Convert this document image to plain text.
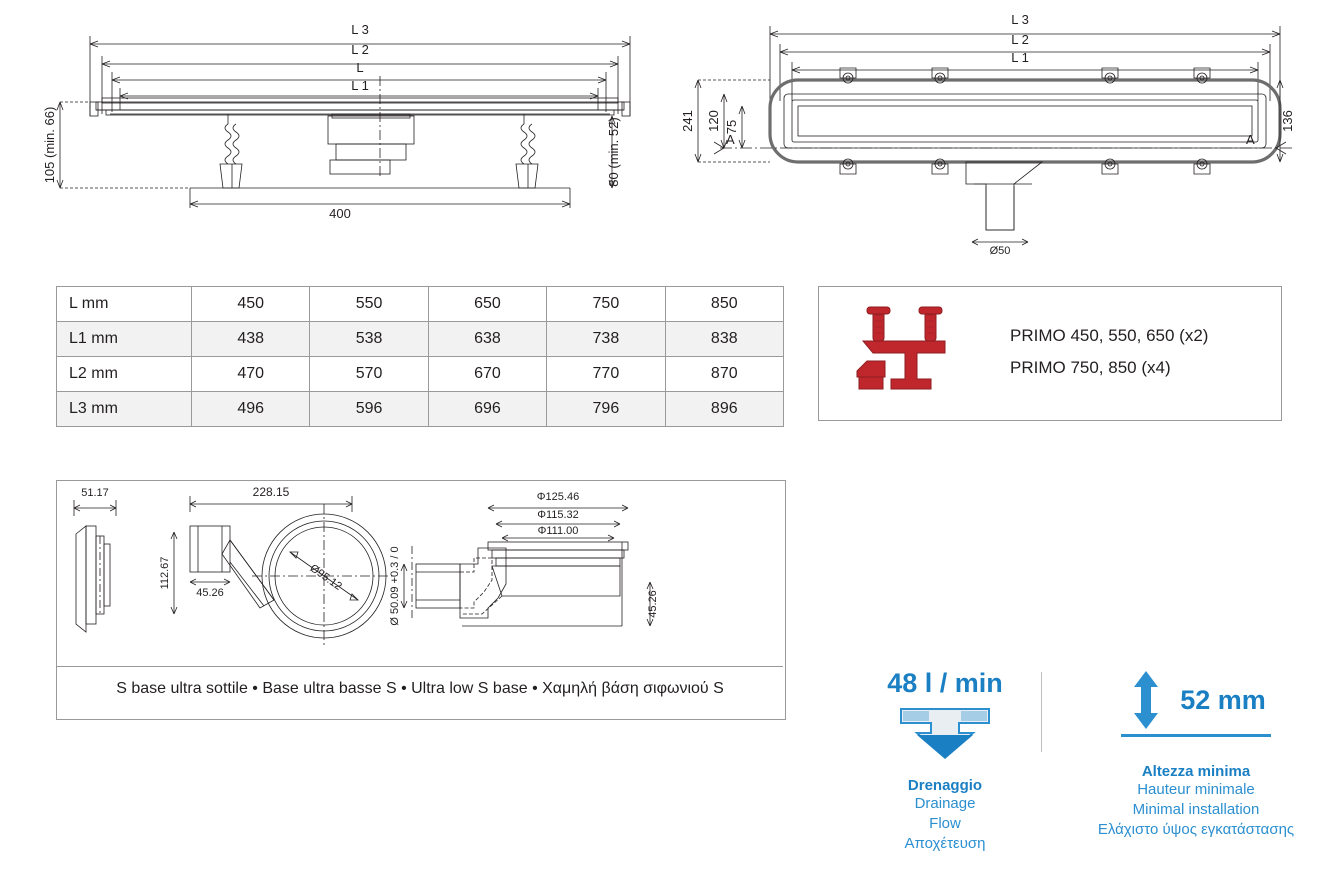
L 3
L 2
L
L 1
400
105 (min. 66)	80 (min. 52)
L 3
L 2
L 1
241 120 75	136
A	A
Ø50
L mm	450	550	650	750	850
L1 mm	438	538	638	738	838
L2 mm	470	570	670	770	870
L3 mm	496	596	696	796	896
PRIMO 450, 550, 650 (x2)
PRIMO 750, 850 (x4)
51.17	228.15
112.67
45.26
Ø95.12
Φ125.46
Φ115.32
Φ111.00
Ø 50.09 +0.3 / 0	45.26
S base ultra sottile • Base ultra basse S • Ultra low S base • Χαμηλή βάση σιφωνιού S	48 l / min
Drenaggio
Drainage
Flow
Αποχέτευση
52 mm
Altezza minima
Hauteur minimale
Minimal installation
Ελάχιστο ύψος εγκατάστασης
